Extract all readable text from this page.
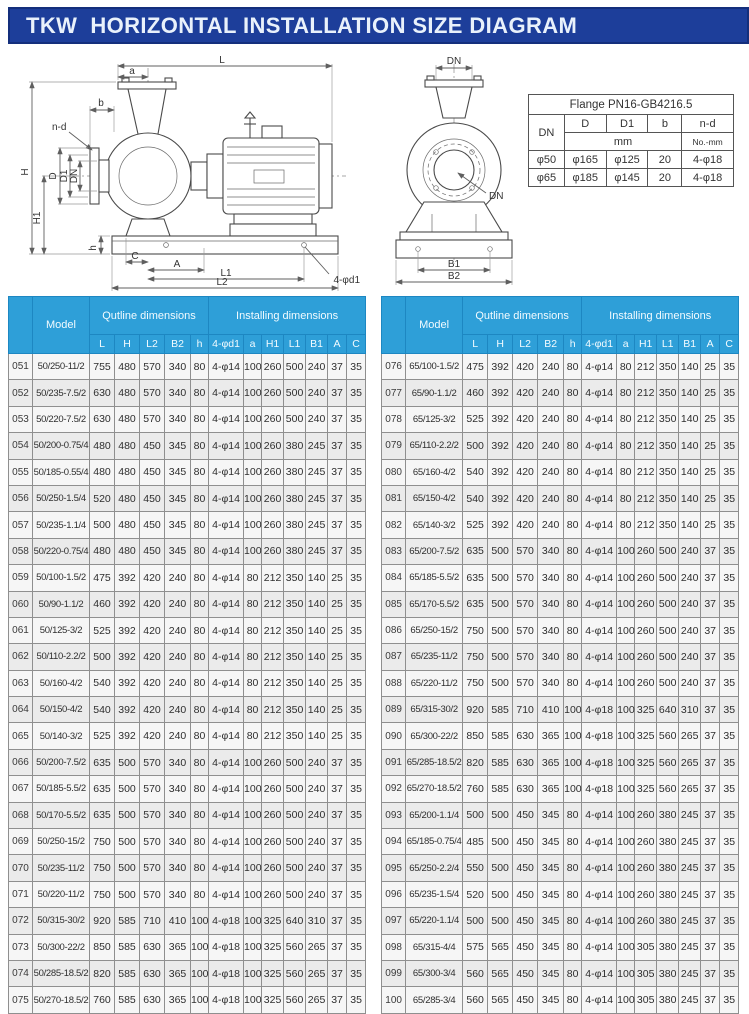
TKW  HORIZONTAL INSTALLATION SIZE DIAGRAM
L
a
b
n-d
H
H1
D D1 DN
h
C
A
L1
L2	4-φd1
DN
DN
B1
B2
Flange PN16-GB4216.5				
DN	D	D1	b	n-d
	mm			No.-mm
φ50	φ165	φ125	20	4-φ18
φ65	φ185	φ145	20	4-φ18
	Model	Qutline dimensions					Installing dimensions						
		L	H	L2	B2	h	4-φd1	a	H1	L1	B1	A	C
051	50/250-11/2	755	480	570	340	80	4-φ14	100	260	500	240	37	35
052	50/235-7.5/2	630	480	570	340	80	4-φ14	100	260	500	240	37	35
053	50/220-7.5/2	630	480	570	340	80	4-φ14	100	260	500	240	37	35
054	50/200-0.75/4	480	480	450	345	80	4-φ14	100	260	380	245	37	35
055	50/185-0.55/4	480	480	450	345	80	4-φ14	100	260	380	245	37	35
056	50/250-1.5/4	520	480	450	345	80	4-φ14	100	260	380	245	37	35
057	50/235-1.1/4	500	480	450	345	80	4-φ14	100	260	380	245	37	35
058	50/220-0.75/4	480	480	450	345	80	4-φ14	100	260	380	245	37	35
059	50/100-1.5/2	475	392	420	240	80	4-φ14	80	212	350	140	25	35
060	50/90-1.1/2	460	392	420	240	80	4-φ14	80	212	350	140	25	35
061	50/125-3/2	525	392	420	240	80	4-φ14	80	212	350	140	25	35
062	50/110-2.2/2	500	392	420	240	80	4-φ14	80	212	350	140	25	35
063	50/160-4/2	540	392	420	240	80	4-φ14	80	212	350	140	25	35
064	50/150-4/2	540	392	420	240	80	4-φ14	80	212	350	140	25	35
065	50/140-3/2	525	392	420	240	80	4-φ14	80	212	350	140	25	35
066	50/200-7.5/2	635	500	570	340	80	4-φ14	100	260	500	240	37	35
067	50/185-5.5/2	635	500	570	340	80	4-φ14	100	260	500	240	37	35
068	50/170-5.5/2	635	500	570	340	80	4-φ14	100	260	500	240	37	35
069	50/250-15/2	750	500	570	340	80	4-φ14	100	260	500	240	37	35
070	50/235-11/2	750	500	570	340	80	4-φ14	100	260	500	240	37	35
071	50/220-11/2	750	500	570	340	80	4-φ14	100	260	500	240	37	35
072	50/315-30/2	920	585	710	410	100	4-φ18	100	325	640	310	37	35
073	50/300-22/2	850	585	630	365	100	4-φ18	100	325	560	265	37	35
074	50/285-18.5/2	820	585	630	365	100	4-φ18	100	325	560	265	37	35
075	50/270-18.5/2	760	585	630	365	100	4-φ18	100	325	560	265	37	35
	Model	Qutline dimensions					Installing dimensions						
		L	H	L2	B2	h	4-φd1	a	H1	L1	B1	A	C
076	65/100-1.5/2	475	392	420	240	80	4-φ14	80	212	350	140	25	35
077	65/90-1.1/2	460	392	420	240	80	4-φ14	80	212	350	140	25	35
078	65/125-3/2	525	392	420	240	80	4-φ14	80	212	350	140	25	35
079	65/110-2.2/2	500	392	420	240	80	4-φ14	80	212	350	140	25	35
080	65/160-4/2	540	392	420	240	80	4-φ14	80	212	350	140	25	35
081	65/150-4/2	540	392	420	240	80	4-φ14	80	212	350	140	25	35
082	65/140-3/2	525	392	420	240	80	4-φ14	80	212	350	140	25	35
083	65/200-7.5/2	635	500	570	340	80	4-φ14	100	260	500	240	37	35
084	65/185-5.5/2	635	500	570	340	80	4-φ14	100	260	500	240	37	35
085	65/170-5.5/2	635	500	570	340	80	4-φ14	100	260	500	240	37	35
086	65/250-15/2	750	500	570	340	80	4-φ14	100	260	500	240	37	35
087	65/235-11/2	750	500	570	340	80	4-φ14	100	260	500	240	37	35
088	65/220-11/2	750	500	570	340	80	4-φ14	100	260	500	240	37	35
089	65/315-30/2	920	585	710	410	100	4-φ18	100	325	640	310	37	35
090	65/300-22/2	850	585	630	365	100	4-φ18	100	325	560	265	37	35
091	65/285-18.5/2	820	585	630	365	100	4-φ18	100	325	560	265	37	35
092	65/270-18.5/2	760	585	630	365	100	4-φ18	100	325	560	265	37	35
093	65/200-1.1/4	500	500	450	345	80	4-φ14	100	260	380	245	37	35
094	65/185-0.75/4	485	500	450	345	80	4-φ14	100	260	380	245	37	35
095	65/250-2.2/4	550	500	450	345	80	4-φ14	100	260	380	245	37	35
096	65/235-1.5/4	520	500	450	345	80	4-φ14	100	260	380	245	37	35
097	65/220-1.1/4	500	500	450	345	80	4-φ14	100	260	380	245	37	35
098	65/315-4/4	575	565	450	345	80	4-φ14	100	305	380	245	37	35
099	65/300-3/4	560	565	450	345	80	4-φ14	100	305	380	245	37	35
100	65/285-3/4	560	565	450	345	80	4-φ14	100	305	380	245	37	35
